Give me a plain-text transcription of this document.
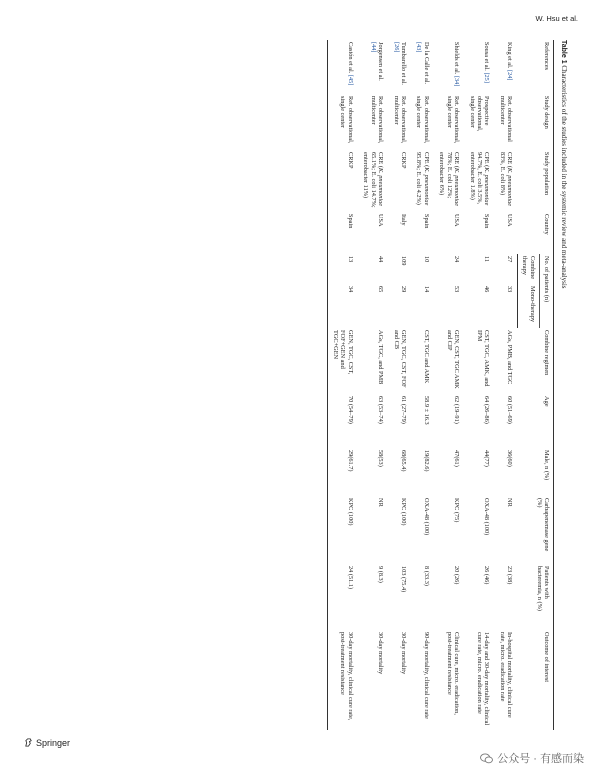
W. Hsu et al.
Table 1 Characteristics of the studies included in the systemic review and meta-analysis
References	Study design	Study population	Country	No. of patients (n)		Combine regimen	Age	Male, n (%)	Carbapenemase gene (%)	Patients with bacteremia, n (%)	Outcome of interest
				Combine therapy	Mono-therapy						
King et al. [24]	Ret. observational multicenter	CRE (K. pneumoniae 83%, E. coli 8%)	USA	27	33	AGs, PMB, and TGC	60 (51–69)	36(60)	NR	23 (38)	In-hospital mortality, clinical cure rate, micro. eradication rate
Sousa et al. [25]	Prospective observational, single center	CPE (K. pneumoniae 94.7%, E. coli 3.5%, enterobacter 1.8%)	Spain	11	46	CST, TGC, AMK, and IPM	64 (26–86)	44(77)	OXA-48 (100)	26 (46)	14-day and 30-day mortality, clinical cure rate, micro. eradication rate
Shields et al. [34]	Ret. observational, single center	CRE (K. pneumoniae 78%; E. coli 12%; enterobacter 6%)	USA	24	53	GEN, CST, TGC AMK and CIP	62 (19–91)	47(61)	KPC (75)	20 (26)	Clinical cure, micro. eradication, post-treatment resistance
De la Calle et al. [43]	Ret. observational, single center	CPE (K. pneumoniae 95.8%; E. coli 4.2%)	Spain	10	14	CST, TGC and AMK	58.9 ± 16.3	19(82.6)	OXA-48 (100)	8 (33.3)	90-day mortality, clinical cure rate
Tumbarello et al. [26]	Ret. observational, multicenter	CRKP	Italy	109	29	GEN, TGC, CST, FOF and CB	61 (27–79)	68(65.4)	KPC (100)	103 (75.4)	30-day mortality
Jorgensen et al. [44]	Ret. observational, multicenter	CRE (K. pneumoniae 65.1%; E. coli 14.7%; enterobacter 11%)	USA	44	65	AGs, TGC, and PMB	63 (53–74)	58(53)	NR	9 (8.3)	30-day mortality
Castón et al. [45]	Ret. observational, single center	CRKP	Spain	13	34	GEN, TGC, CST, FOF+GEN and TGC+GEN	70 (54–79)	29(61.7)	KPC (100)	24 (51.1)	30-day mortality, clinical cure rate, post-treatment resistance
Springer
公众号 · 有感而染
